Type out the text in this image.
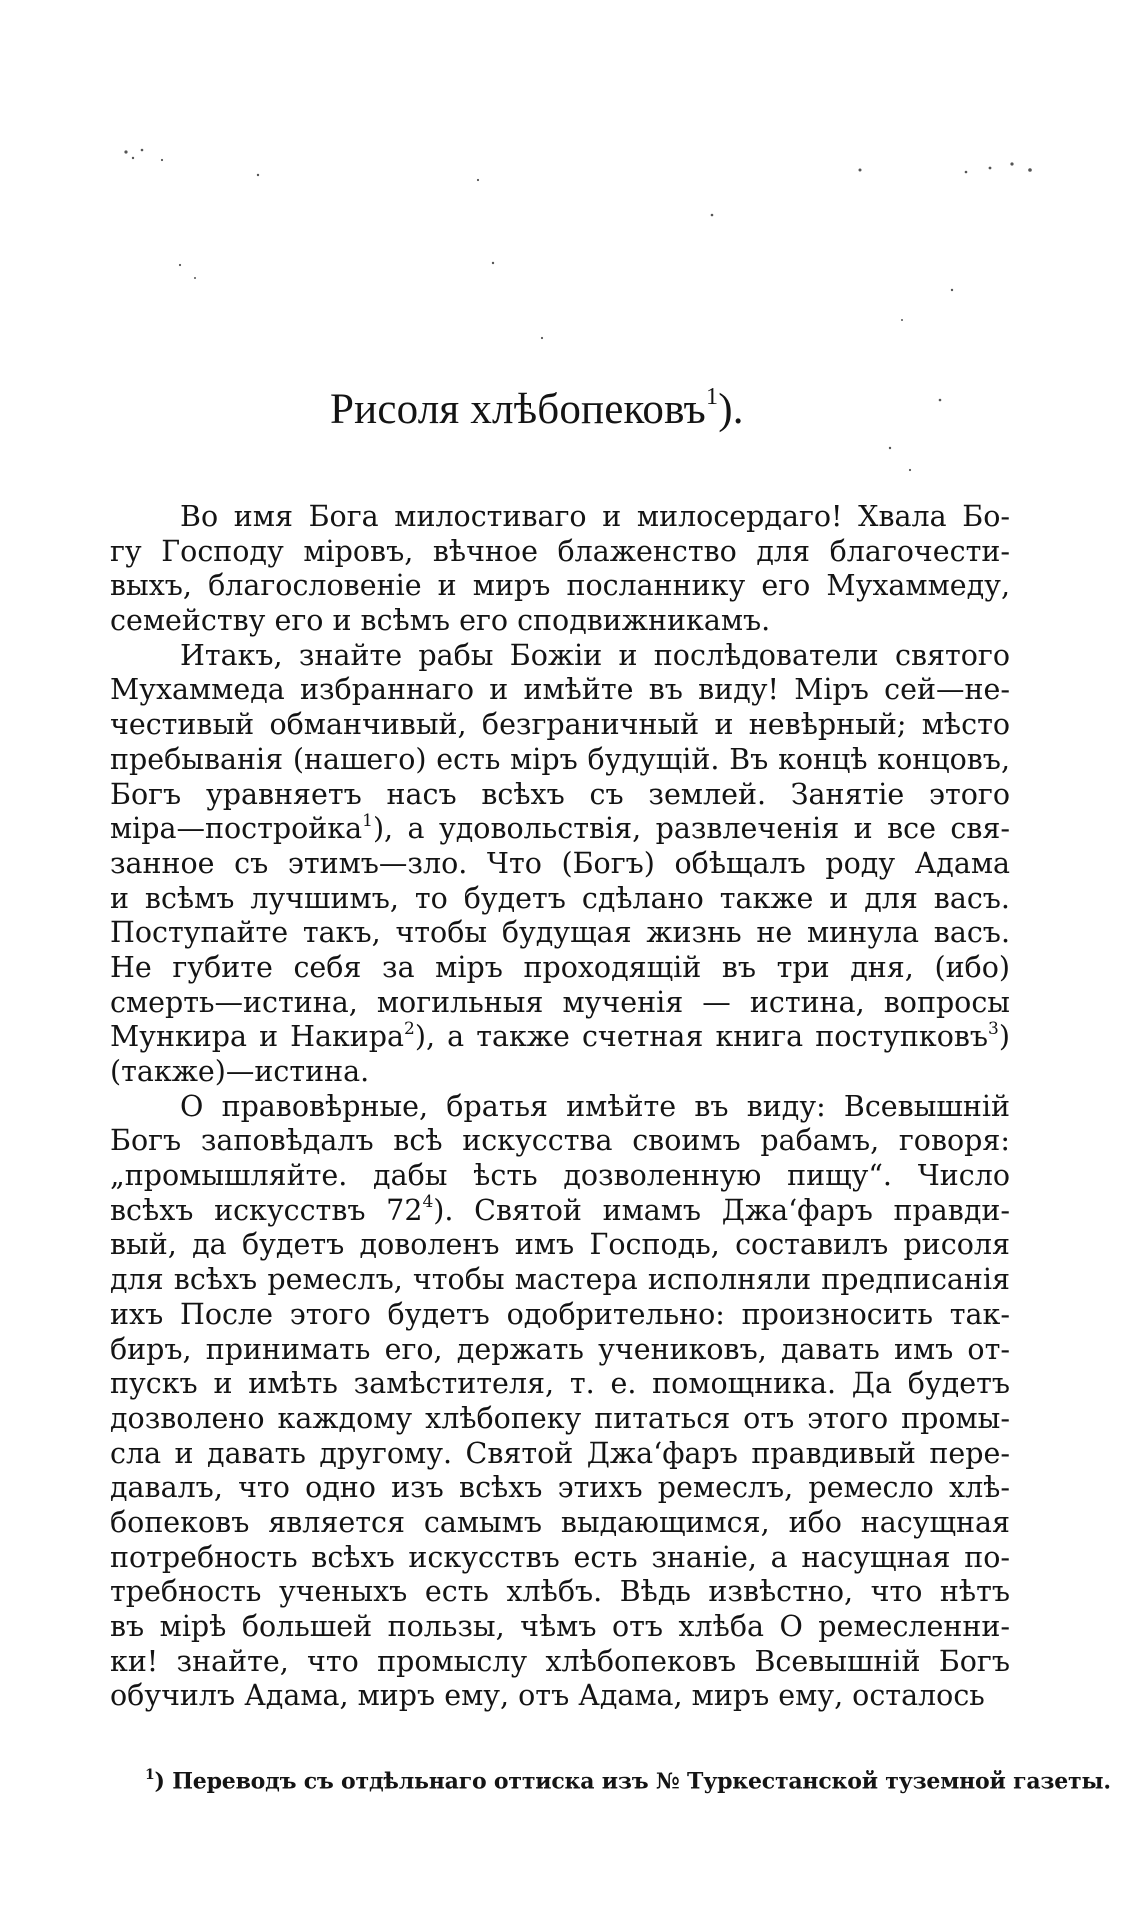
Рисоля хлѣбопековъ$^1$).
Во имя Бога милостиваго и милосердаго! Хвала Бо-
гу Господу міровъ, вѣчное блаженство для благочести-
выхъ, благословеніе и миръ посланнику его Мухаммеду,
семейству его и всѣмъ его сподвижникамъ.
Итакъ, знайте рабы Божіи и послѣдователи святого
Мухаммеда избраннаго и имѣйте въ виду! Міръ сей—не-
честивый обманчивый, безграничный и невѣрный; мѣсто
пребыванія (нашего) есть міръ будущій. Въ концѣ концовъ,
Богъ уравняетъ насъ всѣхъ съ землей. Занятіе этого
міра—постройка$^1$), а удовольствія, развлеченія и все свя-
занное съ этимъ—зло. Что (Богъ) обѣщалъ роду Адама
и всѣмъ лучшимъ, то будетъ сдѣлано также и для васъ.
Поступайте такъ, чтобы будущая жизнь не минула васъ.
Не губите себя за міръ проходящій въ три дня, (ибо)
смерть—истина, могильныя мученія — истина, вопросы
Мункира и Накира$^2$), а также счетная книга поступковъ$^3$)
(также)—истина.
О правовѣрные, братья имѣйте въ виду: Всевышній
Богъ заповѣдалъ всѣ искусства своимъ рабамъ, говоря:
„промышляйте. дабы ѣсть дозволенную пищу“. Число
всѣхъ искусствъ $72^4$). Святой имамъ Джа‘фаръ правди-
вый, да будетъ доволенъ имъ Господь, составилъ рисоля
для всѣхъ ремеслъ, чтобы мастера исполняли предписанія
ихъ После этого будетъ одобрительно: произносить так-
биръ, принимать его, держать учениковъ, давать имъ от-
пускъ и имѣть замѣстителя, т. е. помощника. Да будетъ
дозволено каждому хлѣбопеку питаться отъ этого промы-
сла и давать другому. Святой Джа‘фаръ правдивый пере-
давалъ, что одно изъ всѣхъ этихъ ремеслъ, ремесло хлѣ-
бопековъ является самымъ выдающимся, ибо насущная
потребность всѣхъ искусствъ есть знаніе, а насущная по-
требность ученыхъ есть хлѣбъ. Вѣдь извѣстно, что нѣтъ
въ мірѣ большей пользы, чѣмъ отъ хлѣба О ремесленни-
ки! знайте, что промыслу хлѣбопековъ Всевышній Богъ
обучилъ Адама, миръ ему, отъ Адама, миръ ему, осталось
$^1$) Переводъ съ отдѣльнаго оттиска изъ № Туркестанской туземной газеты.
